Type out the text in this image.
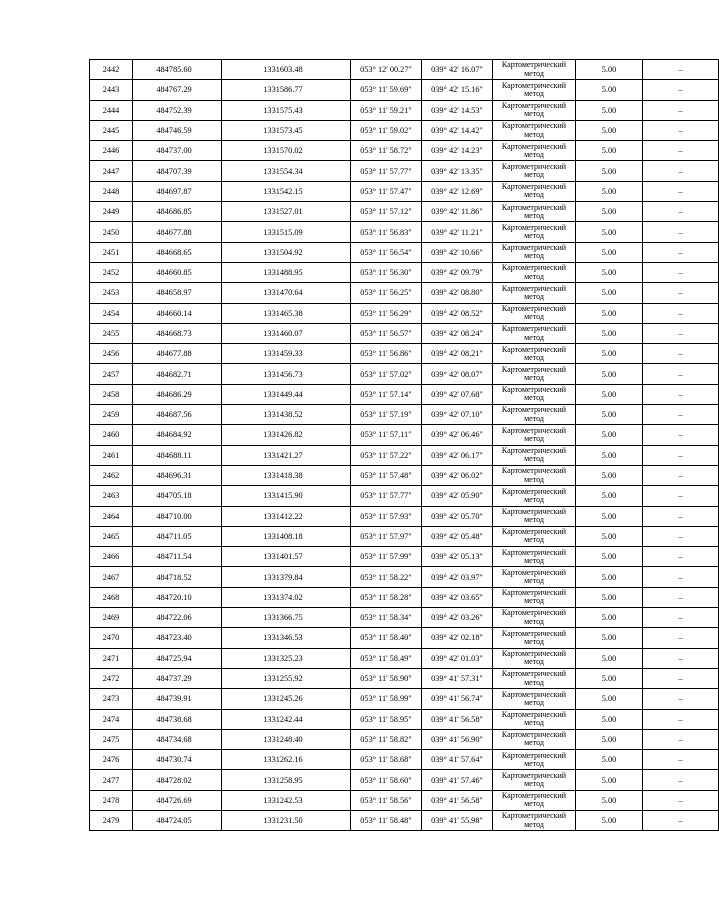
2442	484785.60	1331603.48	053° 12' 00.27"	039° 42' 16.07"	Картометрический метод	5.00	–
2443	484767.29	1331586.77	053° 11' 59.69"	039° 42' 15.16"	Картометрический метод	5.00	–
2444	484752.39	1331575.43	053° 11' 59.21"	039° 42' 14.53"	Картометрический метод	5.00	–
2445	484746.59	1331573.45	053° 11' 59.02"	039° 42' 14.42"	Картометрический метод	5.00	–
2446	484737.00	1331570.02	053° 11' 58.72"	039° 42' 14.23"	Картометрический метод	5.00	–
2447	484707.39	1331554.34	053° 11' 57.77"	039° 42' 13.35"	Картометрический метод	5.00	–
2448	484697.87	1331542.15	053° 11' 57.47"	039° 42' 12.69"	Картометрический метод	5.00	–
2449	484686.85	1331527.01	053° 11' 57.12"	039° 42' 11.86"	Картометрический метод	5.00	–
2450	484677.88	1331515.09	053° 11' 56.83"	039° 42' 11.21"	Картометрический метод	5.00	–
2451	484668.65	1331504.92	053° 11' 56.54"	039° 42' 10.66"	Картометрический метод	5.00	–
2452	484660.85	1331488.95	053° 11' 56.30"	039° 42' 09.79"	Картометрический метод	5.00	–
2453	484658.97	1331470.64	053° 11' 56.25"	039° 42' 08.80"	Картометрический метод	5.00	–
2454	484660.14	1331465.38	053° 11' 56.29"	039° 42' 08.52"	Картометрический метод	5.00	–
2455	484668.73	1331460.07	053° 11' 56.57"	039° 42' 08.24"	Картометрический метод	5.00	–
2456	484677.88	1331459.33	053° 11' 56.86"	039° 42' 08.21"	Картометрический метод	5.00	–
2457	484682.71	1331456.73	053° 11' 57.02"	039° 42' 08.07"	Картометрический метод	5.00	–
2458	484686.29	1331449.44	053° 11' 57.14"	039° 42' 07.68"	Картометрический метод	5.00	–
2459	484687.56	1331438.52	053° 11' 57.19"	039° 42' 07.10"	Картометрический метод	5.00	–
2460	484684.92	1331426.82	053° 11' 57.11"	039° 42' 06.46"	Картометрический метод	5.00	–
2461	484688.11	1331421.27	053° 11' 57.22"	039° 42' 06.17"	Картометрический метод	5.00	–
2462	484696.31	1331418.38	053° 11' 57.48"	039° 42' 06.02"	Картометрический метод	5.00	–
2463	484705.18	1331415.90	053° 11' 57.77"	039° 42' 05.90"	Картометрический метод	5.00	–
2464	484710.00	1331412.22	053° 11' 57.93"	039° 42' 05.70"	Картометрический метод	5.00	–
2465	484711.05	1331408.18	053° 11' 57.97"	039° 42' 05.48"	Картометрический метод	5.00	–
2466	484711.54	1331401.57	053° 11' 57.99"	039° 42' 05.13"	Картометрический метод	5.00	–
2467	484718.52	1331379.84	053° 11' 58.22"	039° 42' 03.97"	Картометрический метод	5.00	–
2468	484720.10	1331374.02	053° 11' 58.28"	039° 42' 03.65"	Картометрический метод	5.00	–
2469	484722.06	1331366.75	053° 11' 58.34"	039° 42' 03.26"	Картометрический метод	5.00	–
2470	484723.40	1331346.53	053° 11' 58.40"	039° 42' 02.18"	Картометрический метод	5.00	–
2471	484725.94	1331325.23	053° 11' 58.49"	039° 42' 01.03"	Картометрический метод	5.00	–
2472	484737.29	1331255.92	053° 11' 58.90"	039° 41' 57.31"	Картометрический метод	5.00	–
2473	484739.91	1331245.26	053° 11' 58.99"	039° 41' 56.74"	Картометрический метод	5.00	–
2474	484738.68	1331242.44	053° 11' 58.95"	039° 41' 56.58"	Картометрический метод	5.00	–
2475	484734.68	1331248.40	053° 11' 58.82"	039° 41' 56.90"	Картометрический метод	5.00	–
2476	484730.74	1331262.16	053° 11' 58.68"	039° 41' 57.64"	Картометрический метод	5.00	–
2477	484728.02	1331258.95	053° 11' 58.60"	039° 41' 57.46"	Картометрический метод	5.00	–
2478	484726.69	1331242.53	053° 11' 58.56"	039° 41' 56.58"	Картометрический метод	5.00	–
2479	484724.05	1331231.50	053° 11' 58.48"	039° 41' 55.98"	Картометрический метод	5.00	–
